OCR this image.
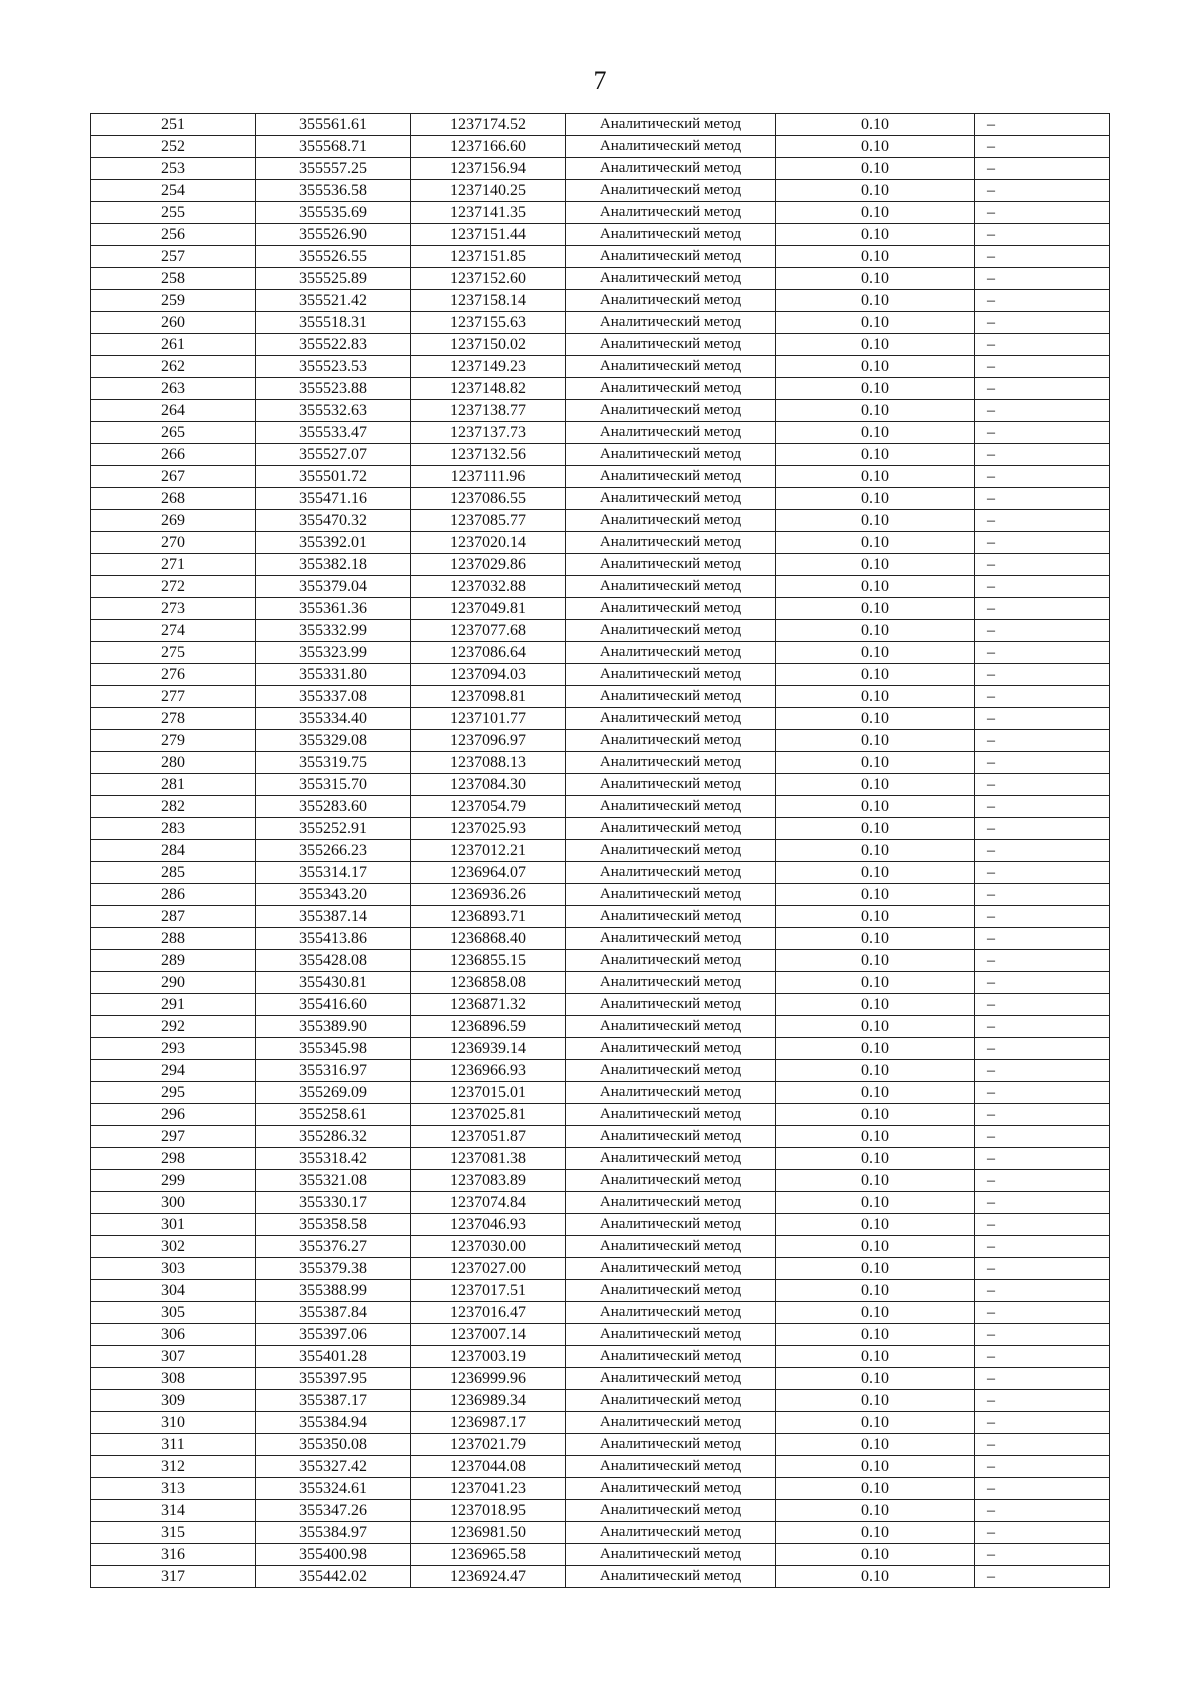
7
251	355561.61	1237174.52	Аналитический метод	0.10	–
252	355568.71	1237166.60	Аналитический метод	0.10	–
253	355557.25	1237156.94	Аналитический метод	0.10	–
254	355536.58	1237140.25	Аналитический метод	0.10	–
255	355535.69	1237141.35	Аналитический метод	0.10	–
256	355526.90	1237151.44	Аналитический метод	0.10	–
257	355526.55	1237151.85	Аналитический метод	0.10	–
258	355525.89	1237152.60	Аналитический метод	0.10	–
259	355521.42	1237158.14	Аналитический метод	0.10	–
260	355518.31	1237155.63	Аналитический метод	0.10	–
261	355522.83	1237150.02	Аналитический метод	0.10	–
262	355523.53	1237149.23	Аналитический метод	0.10	–
263	355523.88	1237148.82	Аналитический метод	0.10	–
264	355532.63	1237138.77	Аналитический метод	0.10	–
265	355533.47	1237137.73	Аналитический метод	0.10	–
266	355527.07	1237132.56	Аналитический метод	0.10	–
267	355501.72	1237111.96	Аналитический метод	0.10	–
268	355471.16	1237086.55	Аналитический метод	0.10	–
269	355470.32	1237085.77	Аналитический метод	0.10	–
270	355392.01	1237020.14	Аналитический метод	0.10	–
271	355382.18	1237029.86	Аналитический метод	0.10	–
272	355379.04	1237032.88	Аналитический метод	0.10	–
273	355361.36	1237049.81	Аналитический метод	0.10	–
274	355332.99	1237077.68	Аналитический метод	0.10	–
275	355323.99	1237086.64	Аналитический метод	0.10	–
276	355331.80	1237094.03	Аналитический метод	0.10	–
277	355337.08	1237098.81	Аналитический метод	0.10	–
278	355334.40	1237101.77	Аналитический метод	0.10	–
279	355329.08	1237096.97	Аналитический метод	0.10	–
280	355319.75	1237088.13	Аналитический метод	0.10	–
281	355315.70	1237084.30	Аналитический метод	0.10	–
282	355283.60	1237054.79	Аналитический метод	0.10	–
283	355252.91	1237025.93	Аналитический метод	0.10	–
284	355266.23	1237012.21	Аналитический метод	0.10	–
285	355314.17	1236964.07	Аналитический метод	0.10	–
286	355343.20	1236936.26	Аналитический метод	0.10	–
287	355387.14	1236893.71	Аналитический метод	0.10	–
288	355413.86	1236868.40	Аналитический метод	0.10	–
289	355428.08	1236855.15	Аналитический метод	0.10	–
290	355430.81	1236858.08	Аналитический метод	0.10	–
291	355416.60	1236871.32	Аналитический метод	0.10	–
292	355389.90	1236896.59	Аналитический метод	0.10	–
293	355345.98	1236939.14	Аналитический метод	0.10	–
294	355316.97	1236966.93	Аналитический метод	0.10	–
295	355269.09	1237015.01	Аналитический метод	0.10	–
296	355258.61	1237025.81	Аналитический метод	0.10	–
297	355286.32	1237051.87	Аналитический метод	0.10	–
298	355318.42	1237081.38	Аналитический метод	0.10	–
299	355321.08	1237083.89	Аналитический метод	0.10	–
300	355330.17	1237074.84	Аналитический метод	0.10	–
301	355358.58	1237046.93	Аналитический метод	0.10	–
302	355376.27	1237030.00	Аналитический метод	0.10	–
303	355379.38	1237027.00	Аналитический метод	0.10	–
304	355388.99	1237017.51	Аналитический метод	0.10	–
305	355387.84	1237016.47	Аналитический метод	0.10	–
306	355397.06	1237007.14	Аналитический метод	0.10	–
307	355401.28	1237003.19	Аналитический метод	0.10	–
308	355397.95	1236999.96	Аналитический метод	0.10	–
309	355387.17	1236989.34	Аналитический метод	0.10	–
310	355384.94	1236987.17	Аналитический метод	0.10	–
311	355350.08	1237021.79	Аналитический метод	0.10	–
312	355327.42	1237044.08	Аналитический метод	0.10	–
313	355324.61	1237041.23	Аналитический метод	0.10	–
314	355347.26	1237018.95	Аналитический метод	0.10	–
315	355384.97	1236981.50	Аналитический метод	0.10	–
316	355400.98	1236965.58	Аналитический метод	0.10	–
317	355442.02	1236924.47	Аналитический метод	0.10	–
